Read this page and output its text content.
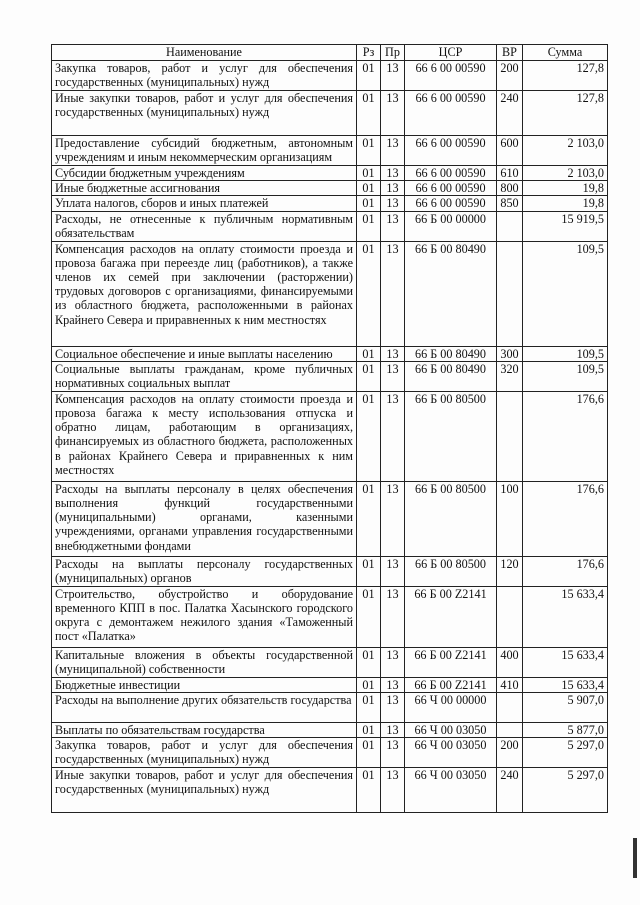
Наименование	Рз	Пр	ЦСР	ВР	Сумма
Закупка товаров, работ и услуг для обеспечения государственных (муниципальных) нужд	01	13	66 6 00 00590	200	127,8
Иные закупки товаров, работ и услуг для обеспечения государственных (муниципальных) нужд	01	13	66 6 00 00590	240	127,8
Предоставление субсидий бюджетным, автономным учреждениям и иным некоммерческим организациям	01	13	66 6 00 00590	600	2 103,0
Субсидии бюджетным учреждениям	01	13	66 6 00 00590	610	2 103,0
Иные бюджетные ассигнования	01	13	66 6 00 00590	800	19,8
Уплата налогов, сборов и иных платежей	01	13	66 6 00 00590	850	19,8
Расходы, не отнесенные к публичным нормативным обязательствам	01	13	66 Б 00 00000		15 919,5
Компенсация расходов на оплату стоимости проезда и провоза багажа при переезде лиц (работников), а также членов их семей при заключении (расторжении) трудовых договоров с организациями, финансируемыми из областного бюджета, расположенными в районах Крайнего Севера и приравненных к ним местностях	01	13	66 Б 00 80490		109,5
Социальное обеспечение и иные выплаты населению	01	13	66 Б 00 80490	300	109,5
Социальные выплаты гражданам, кроме публичных нормативных социальных выплат	01	13	66 Б 00 80490	320	109,5
Компенсация расходов на оплату стоимости проезда и провоза багажа к месту использования отпуска и обратно лицам, работающим в организациях, финансируемых из областного бюджета, расположенных в районах Крайнего Севера и приравненных к ним местностях	01	13	66 Б 00 80500		176,6
Расходы на выплаты персоналу в целях обеспечения выполнения функций государственными (муниципальными) органами, казенными учреждениями, органами управления государственными внебюджетными фондами	01	13	66 Б 00 80500	100	176,6
Расходы на выплаты персоналу государственных (муниципальных) органов	01	13	66 Б 00 80500	120	176,6
Строительство, обустройство и оборудование временного КПП в пос. Палатка Хасынского городского округа с демонтажем нежилого здания «Таможенный пост «Палатка»	01	13	66 Б 00 Z2141		15 633,4
Капитальные вложения в объекты государственной (муниципальной) собственности	01	13	66 Б 00 Z2141	400	15 633,4
Бюджетные инвестиции	01	13	66 Б 00 Z2141	410	15 633,4
Расходы на выполнение других обязательств государства	01	13	66 Ч 00 00000		5 907,0
Выплаты по обязательствам государства	01	13	66 Ч 00 03050		5 877,0
Закупка товаров, работ и услуг для обеспечения государственных (муниципальных) нужд	01	13	66 Ч 00 03050	200	5 297,0
Иные закупки товаров, работ и услуг для обеспечения государственных (муниципальных) нужд	01	13	66 Ч 00 03050	240	5 297,0
